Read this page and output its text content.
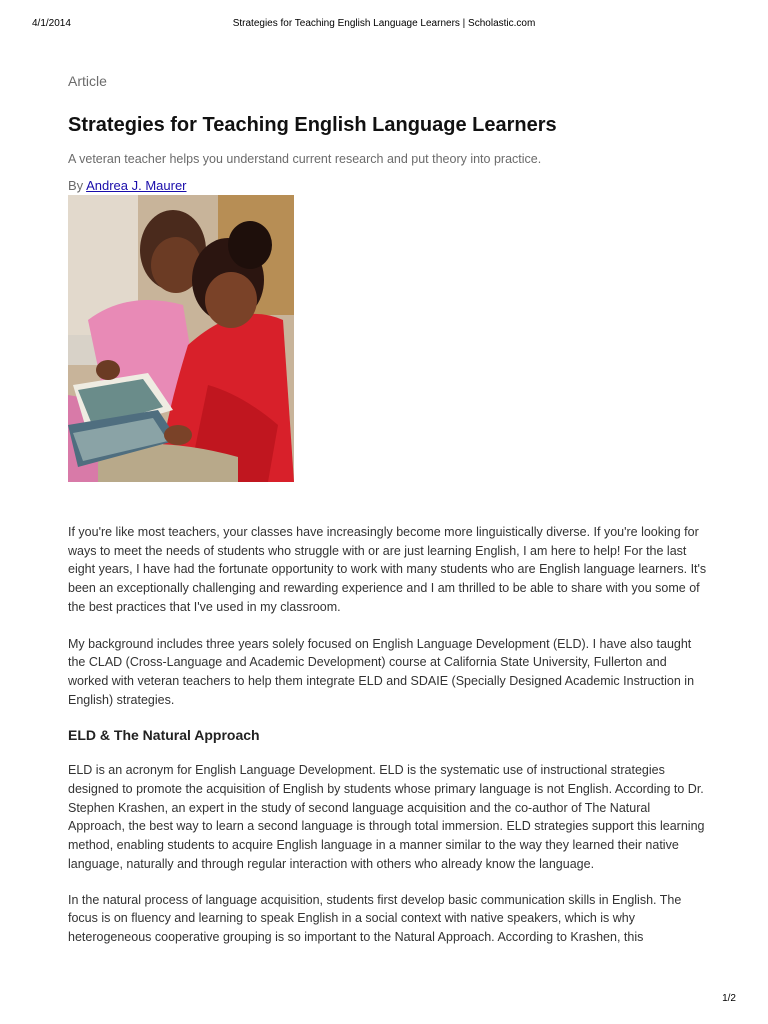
4/1/2014	Strategies for Teaching English Language Learners | Scholastic.com

Article

Strategies for Teaching English Language Learners

A veteran teacher helps you understand current research and put theory into practice.

By Andrea J. Maurer

If you're like most teachers, your classes have increasingly become more linguistically diverse. If you're looking for ways to meet the needs of students who struggle with or are just learning English, I am here to help! For the last eight years, I have had the fortunate opportunity to work with many students who are English language learners. It's been an exceptionally challenging and rewarding experience and I am thrilled to be able to share with you some of the best practices that I've used in my classroom.

My background includes three years solely focused on English Language Development (ELD). I have also taught the CLAD (Cross-Language and Academic Development) course at California State University, Fullerton and worked with veteran teachers to help them integrate ELD and SDAIE (Specially Designed Academic Instruction in English) strategies.

ELD & The Natural Approach

ELD is an acronym for English Language Development. ELD is the systematic use of instructional strategies designed to promote the acquisition of English by students whose primary language is not English. According to Dr. Stephen Krashen, an expert in the study of second language acquisition and the co-author of The Natural Approach, the best way to learn a second language is through total immersion. ELD strategies support this learning method, enabling students to acquire English language in a manner similar to the way they learned their native language, naturally and through regular interaction with others who already know the language.

In the natural process of language acquisition, students first develop basic communication skills in English. The focus is on fluency and learning to speak English in a social context with native speakers, which is why heterogeneous cooperative grouping is so important to the Natural Approach. According to Krashen, this

1/2
